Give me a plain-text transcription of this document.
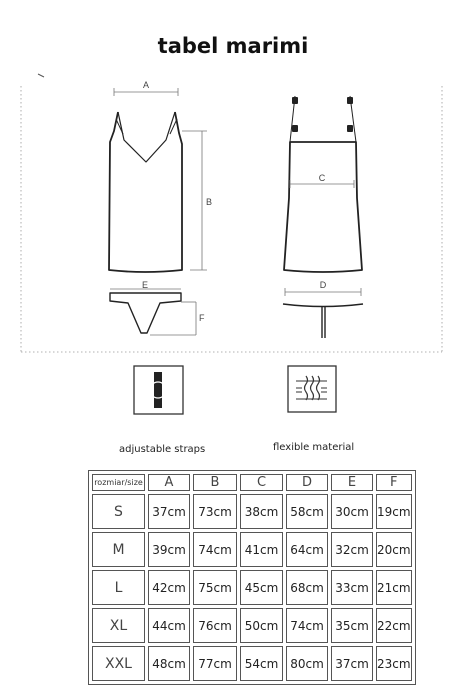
tabel marimi
A
B
E
F
C
D
adjustable straps	flexible material
rozmiar/size	A	B	C	D	E	F
S	37cm	73cm	38cm	58cm	30cm	19cm
M	39cm	74cm	41cm	64cm	32cm	20cm
L	42cm	75cm	45cm	68cm	33cm	21cm
XL	44cm	76cm	50cm	74cm	35cm	22cm
XXL	48cm	77cm	54cm	80cm	37cm	23cm
